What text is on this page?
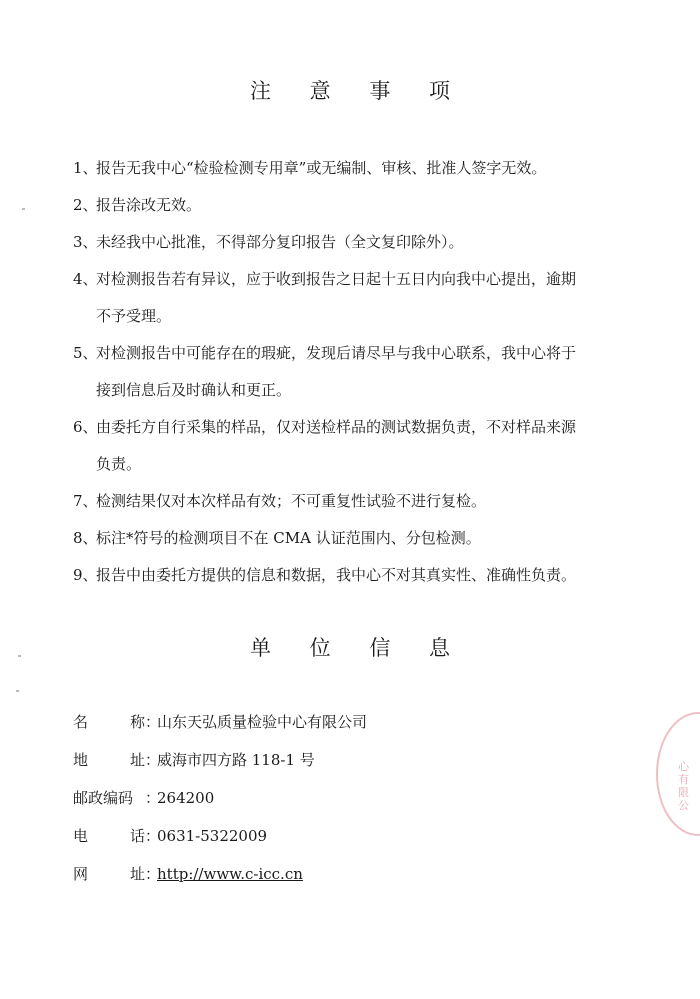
注 意 事 项
1、
报告无我中心“检验检测专用章”或无编制、审核、批准人签字无效。
2、
报告涂改无效。
3、
未经我中心批准，不得部分复印报告（全文复印除外）。
4、
对检测报告若有异议，应于收到报告之日起十五日内向我中心提出，逾期
不予受理。
5、
对检测报告中可能存在的瑕疵，发现后请尽早与我中心联系，我中心将于
接到信息后及时确认和更正。
6、
由委托方自行采集的样品，仅对送检样品的测试数据负责，不对样品来源
负责。
7、
检测结果仅对本次样品有效；不可重复性试验不进行复检。
8、
标注*符号的检测项目不在 CMA 认证范围内、分包检测。
9、
报告中由委托方提供的信息和数据，我中心不对其真实性、准确性负责。
单 位 信 息
名	称 ：
山东天弘质量检验中心有限公司
地	址 ：
威海市四方路 118-1 号
邮政编码 ：
264200
电	话 ：
0631-5322009
网	址 ：
http://www.c-icc.cn
心有限公
